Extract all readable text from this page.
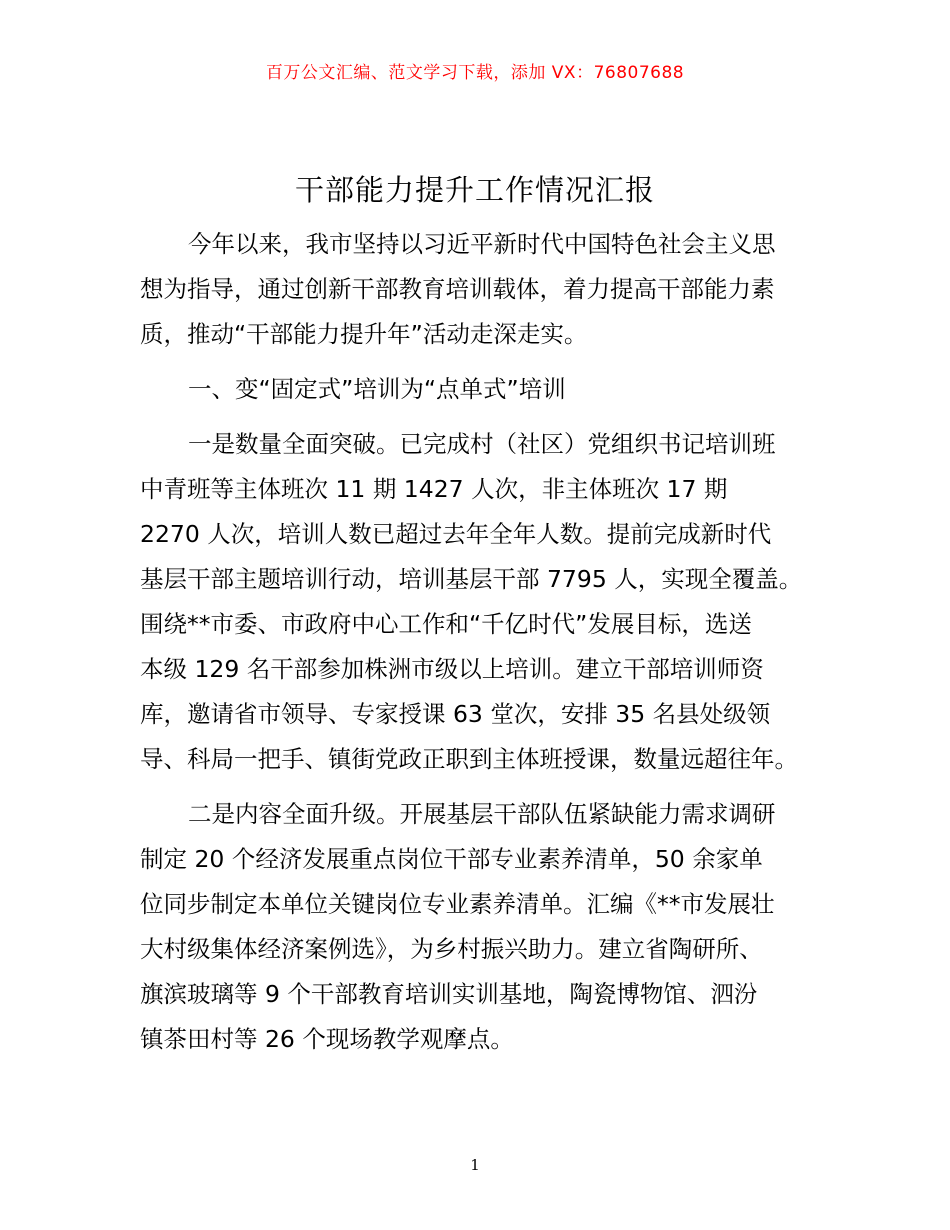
百万公文汇编、范文学习下载，添加 VX：76807688
干部能力提升工作情况汇报
今年以来，我市坚持以习近平新时代中国特色社会主义思
想为指导，通过创新干部教育培训载体，着力提高干部能力素
质，推动“干部能力提升年”活动走深走实。
一、变“固定式”培训为“点单式”培训
一是数量全面突破。已完成村（社区）党组织书记培训班
中青班等主体班次 11 期 1427 人次，非主体班次 17 期
2270 人次，培训人数已超过去年全年人数。提前完成新时代
基层干部主题培训行动，培训基层干部 7795 人，实现全覆盖。
围绕**市委、市政府中心工作和“千亿时代”发展目标，选送
本级 129 名干部参加株洲市级以上培训。建立干部培训师资
库，邀请省市领导、专家授课 63 堂次，安排 35 名县处级领
导、科局一把手、镇街党政正职到主体班授课，数量远超往年。
二是内容全面升级。开展基层干部队伍紧缺能力需求调研
制定 20 个经济发展重点岗位干部专业素养清单，50 余家单
位同步制定本单位关键岗位专业素养清单。汇编《**市发展壮
大村级集体经济案例选》，为乡村振兴助力。建立省陶研所、
旗滨玻璃等 9 个干部教育培训实训基地，陶瓷博物馆、泗汾
镇茶田村等 26 个现场教学观摩点。
1
